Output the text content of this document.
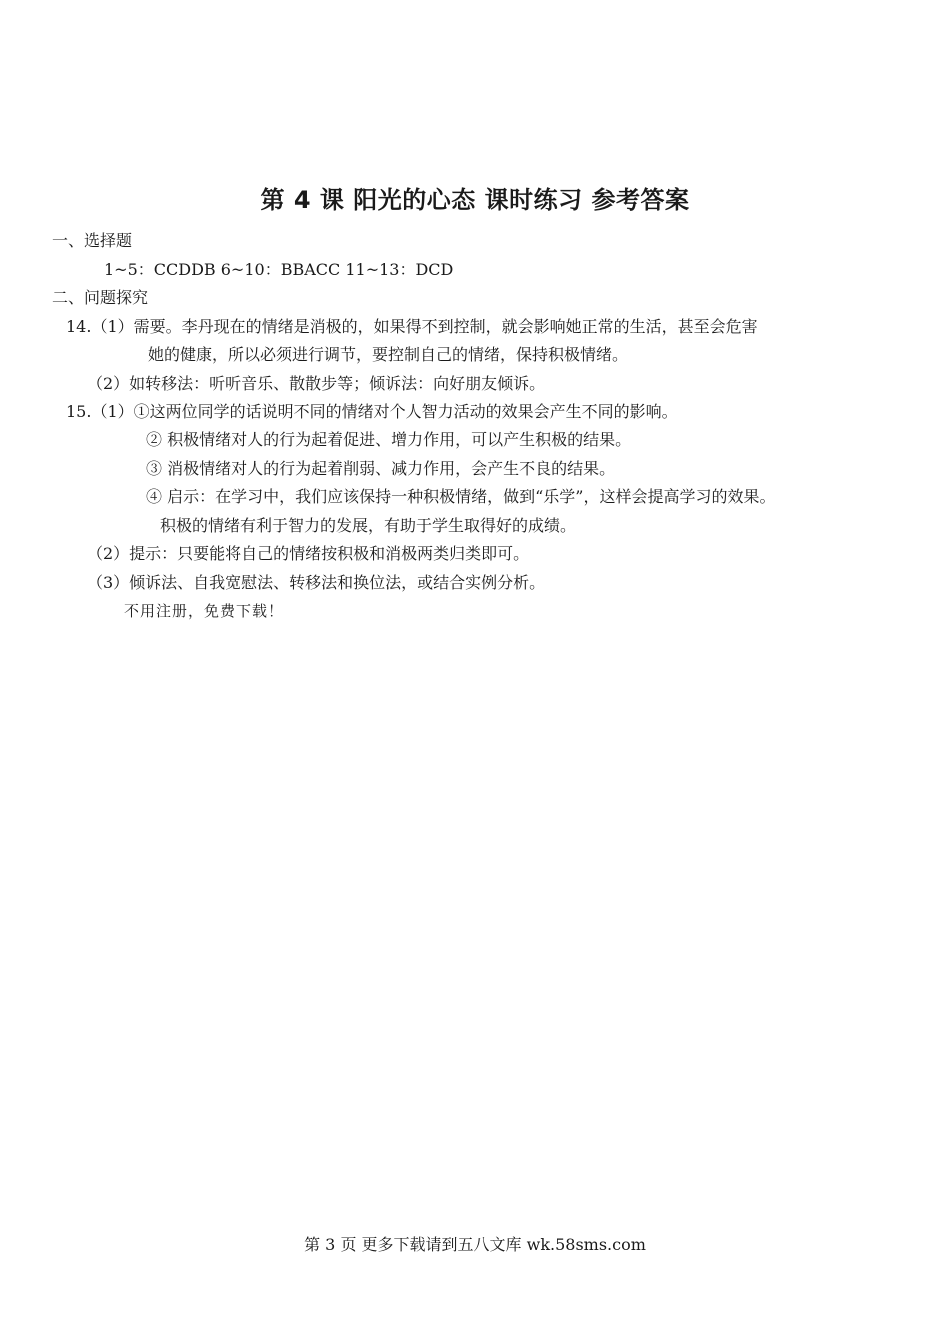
第 4 课 阳光的心态 课时练习 参考答案
一、选择题
1~5：CCDDB 6~10：BBACC 11~13：DCD
二、问题探究
14.（1）需要。李丹现在的情绪是消极的，如果得不到控制，就会影响她正常的生活，甚至会危害
她的健康，所以必须进行调节，要控制自己的情绪，保持积极情绪。
（2）如转移法：听听音乐、散散步等；倾诉法：向好朋友倾诉。
15.（1）①这两位同学的话说明不同的情绪对个人智力活动的效果会产生不同的影响。
② 积极情绪对人的行为起着促进、增力作用，可以产生积极的结果。
③ 消极情绪对人的行为起着削弱、减力作用，会产生不良的结果。
④ 启示：在学习中，我们应该保持一种积极情绪，做到“乐学”，这样会提高学习的效果。
积极的情绪有利于智力的发展，有助于学生取得好的成绩。
（2）提示：只要能将自己的情绪按积极和消极两类归类即可。
（3）倾诉法、自我宽慰法、转移法和换位法，或结合实例分析。
不用注册，免费下载！
第 3 页 更多下载请到五八文库 wk.58sms.com
